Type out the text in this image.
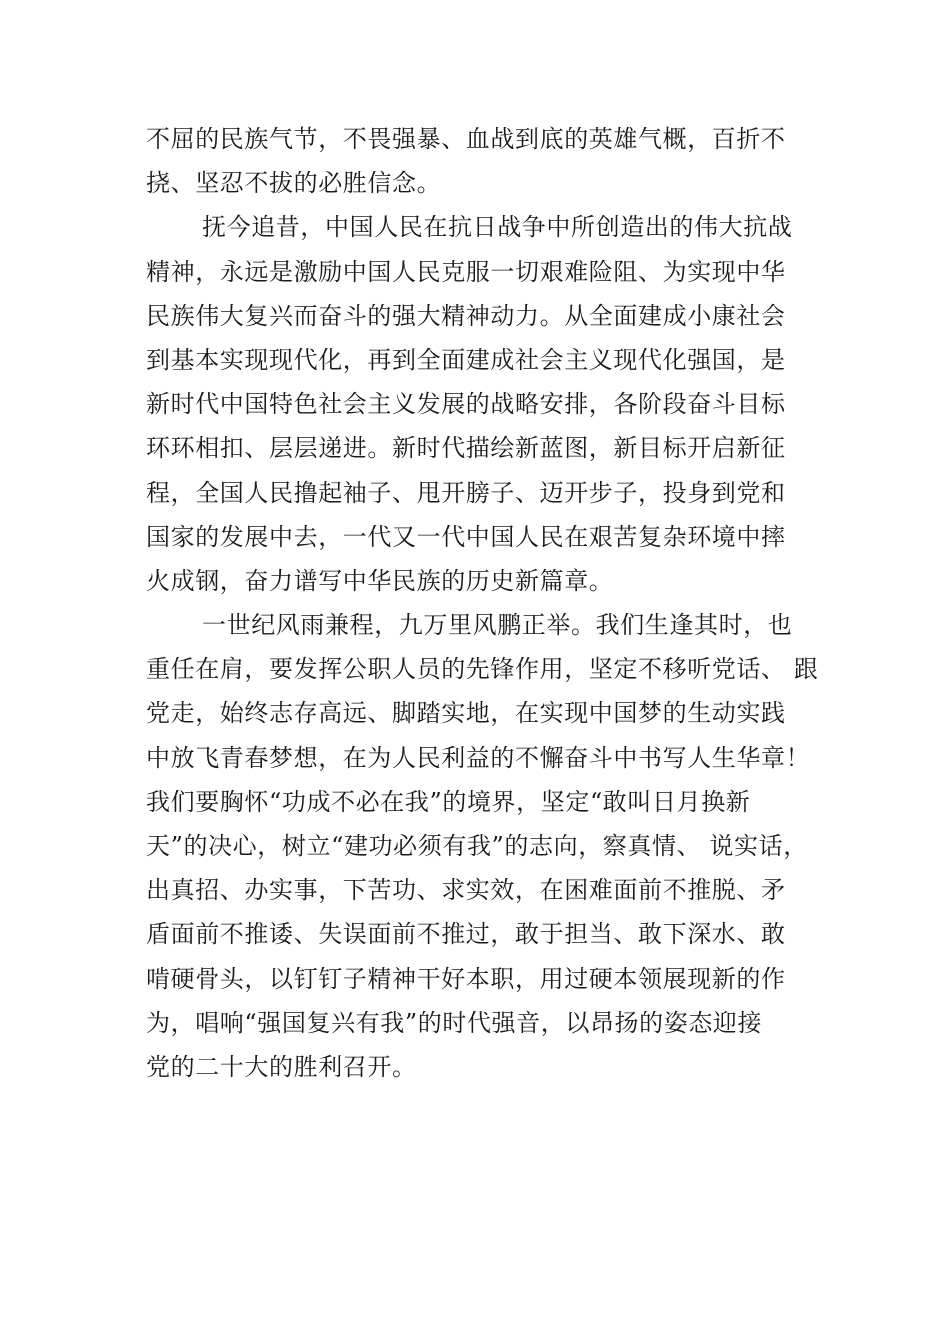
不屈的民族气节，不畏强暴、血战到底的英雄气概，百折不
挠、坚忍不拔的必胜信念。
抚今追昔，中国人民在抗日战争中所创造出的伟大抗战
精神，永远是激励中国人民克服一切艰难险阻、为实现中华
民族伟大复兴而奋斗的强大精神动力。从全面建成小康社会
到基本实现现代化，再到全面建成社会主义现代化强国，是
新时代中国特色社会主义发展的战略安排，各阶段奋斗目标
环环相扣、层层递进。新时代描绘新蓝图，新目标开启新征
程，全国人民撸起袖子、甩开膀子、迈开步子，投身到党和
国家的发展中去，一代又一代中国人民在艰苦复杂环境中摔
火成钢，奋力谱写中华民族的历史新篇章。
一世纪风雨兼程，九万里风鹏正举。我们生逢其时，也
重任在肩，要发挥公职人员的先锋作用，坚定不移听党话、 跟
党走，始终志存高远、脚踏实地，在实现中国梦的生动实践
中放飞青春梦想，在为人民利益的不懈奋斗中书写人生华章！
我们要胸怀“功成不必在我”的境界，坚定“敢叫日月换新
天”的决心，树立“建功必须有我”的志向，察真情、 说实话，
出真招、办实事，下苦功、求实效，在困难面前不推脱、矛
盾面前不推诿、失误面前不推过，敢于担当、敢下深水、敢
啃硬骨头，以钉钉子精神干好本职，用过硬本领展现新的作
为，唱响“强国复兴有我”的时代强音，以昂扬的姿态迎接
党的二十大的胜利召开。
